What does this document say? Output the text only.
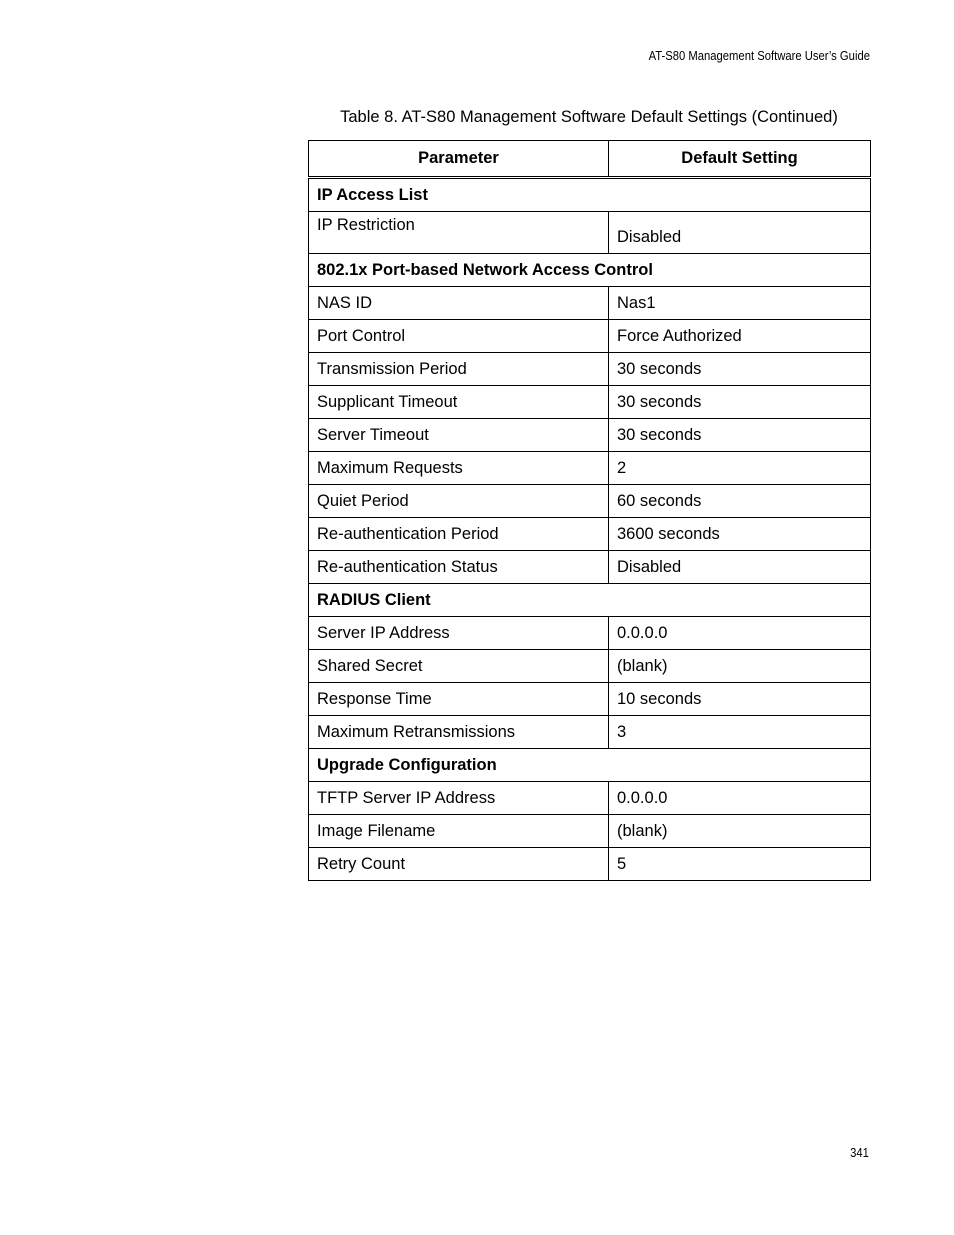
AT-S80 Management Software User’s Guide
Table 8. AT-S80 Management Software Default Settings (Continued)
Parameter	Default Setting
IP Access List	
IP Restriction	Disabled
802.1x Port-based Network Access Control	
NAS ID	Nas1
Port Control	Force Authorized
Transmission Period	30 seconds
Supplicant Timeout	30 seconds
Server Timeout	30 seconds
Maximum Requests	2
Quiet Period	60 seconds
Re-authentication Period	3600 seconds
Re-authentication Status	Disabled
RADIUS Client	
Server IP Address	0.0.0.0
Shared Secret	(blank)
Response Time	10 seconds
Maximum Retransmissions	3
Upgrade Configuration	
TFTP Server IP Address	0.0.0.0
Image Filename	(blank)
Retry Count	5
341
